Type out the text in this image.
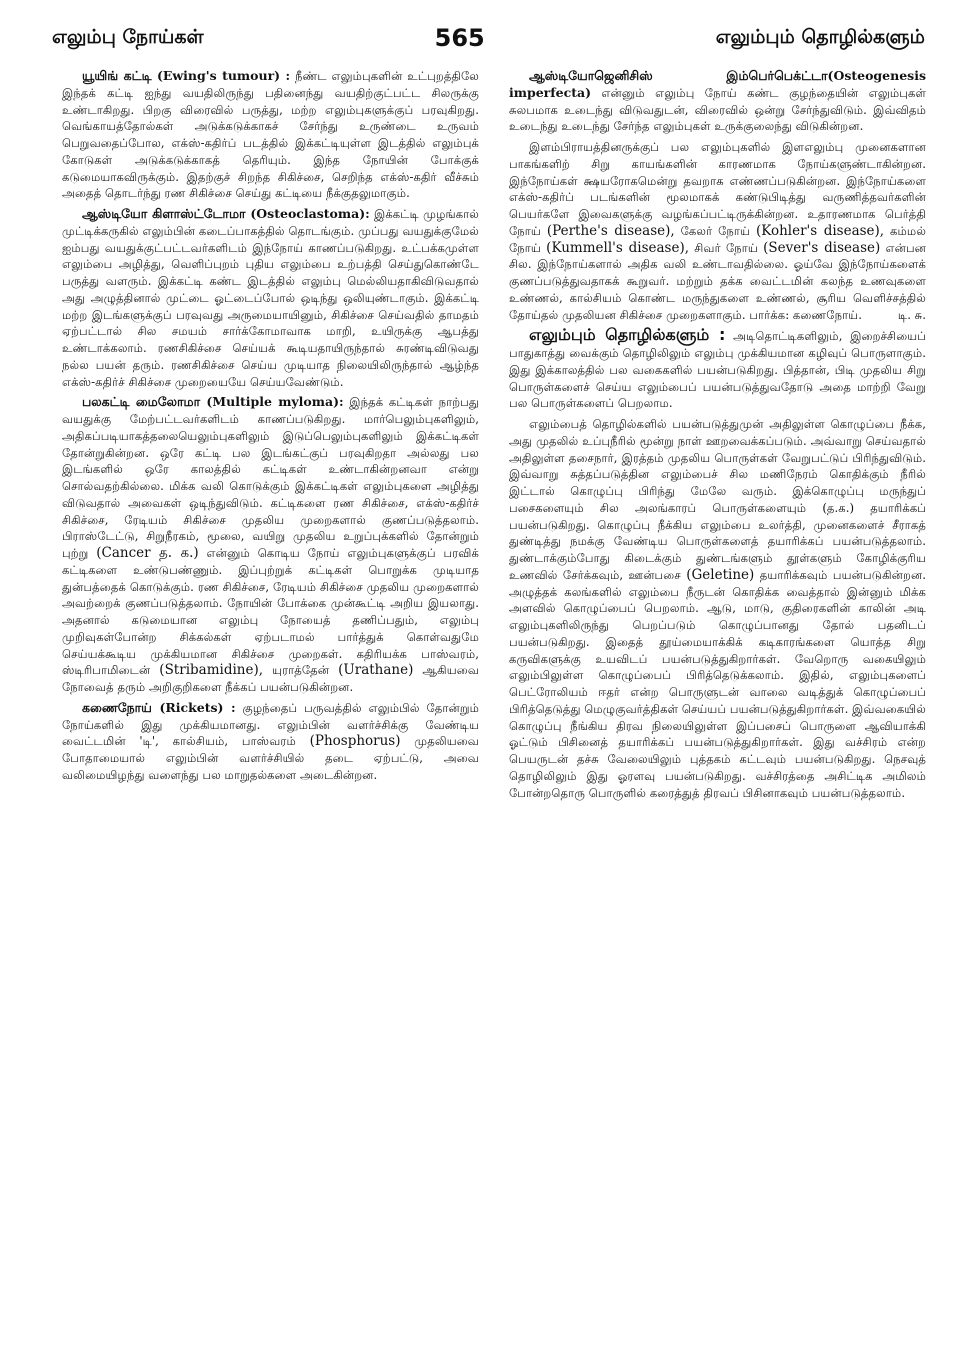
எலும்பு நோய்கள்	565	எலும்பும் தொழில்களும்

யூயிங் கட்டி (Ewing's tumour) : நீண்ட எலும்புகளின் உட்புறத்திலே இந்தக் கட்டி ஐந்து வயதிலிருந்து பதினைந்து வயதிற்குட்பட்ட சிலருக்கு உண்டாகிறது. பிறகு விரைவில் பருத்து, மற்ற எலும்புகளுக்குப் பரவுகிறது. வெங்காயத்தோல்கள் அடுக்கடுக்காகச் சேர்ந்து உருண்டை உருவம் பெறுவதைப்போல, எக்ஸ்-கதிர்ப் படத்தில் இக்கட்டியுள்ள இடத்தில் எலும்புக் கோடுகள் அடுக்கடுக்காகத் தெரியும். இந்த நோயின் போக்குக் கடுமையாகவிருக்கும். இதற்குச் சிறந்த சிகிச்சை, செறிந்த எக்ஸ்-கதிர் வீச்சும் அதைத் தொடர்ந்து ரண சிகிச்சை செய்து கட்டியை நீக்குதலுமாகும்.

ஆஸ்டியோ கிளாஸ்ட்டோமா (Osteoclastoma): இக்கட்டி முழங்கால் முட்டிக்கருகில் எலும்பின் கடைப்பாகத்தில் தொடங்கும். முப்பது வயதுக்குமேல் ஐம்பது வயதுக்குட்பட்டவர்களிடம் இந்நோய் காணப்படுகிறது. உட்பக்கமுள்ள எலும்பை அழித்து, வெளிப்புறம் புதிய எலும்பை உற்பத்தி செய்துகொண்டே பருத்து வளரும். இக்கட்டி கண்ட இடத்தில் எலும்பு மெல்லியதாகிவிடுவதால் அது அழுத்தினால் முட்டை ஓட்டைப்போல் ஒடிந்து ஒலியுண்டாகும். இக்கட்டி மற்ற இடங்களுக்குப் பரவுவது அருமையாயினும், சிகிச்சை செய்வதில் தாமதம் ஏற்பட்டால் சில சமயம் சார்க்கோமாவாக மாறி, உயிருக்கு ஆபத்து உண்டாக்கலாம். ரணசிகிச்சை செய்யக் கூடியதாயிருந்தால் சுரண்டிவிடுவது நல்ல பயன் தரும். ரணசிகிச்சை செய்ய முடியாத நிலையிலிருந்தால் ஆழ்ந்த எக்ஸ்-கதிர்ச் சிகிச்சை முறையையே செய்யவேண்டும்.

பலகட்டி மைலோமா (Multiple myloma): இந்தக் கட்டிகள் நாற்பது வயதுக்கு மேற்பட்டவர்களிடம் காணப்படுகிறது. மார்பெலும்புகளிலும், அதிகப்படியாகத்தலையெலும்புகளிலும் இடுப்பெலும்புகளிலும் இக்கட்டிகள் தோன்றுகின்றன. ஒரே கட்டி பல இடங்கட்குப் பரவுகிறதா அல்லது பல இடங்களில் ஒரே காலத்தில் கட்டிகள் உண்டாகின்றனவா என்று சொல்வதற்கில்லை. மிக்க வலி கொடுக்கும் இக்கட்டிகள் எலும்புகளை அழித்து விடுவதால் அவைகள் ஒடிந்துவிடும். கட்டிகளை ரண சிகிச்சை, எக்ஸ்-கதிர்ச் சிகிச்சை, ரேடியம் சிகிச்சை முதலிய முறைகளால் குணப்படுத்தலாம். பிராஸ்டேட்டு, சிறுநீரகம், மூலை, வயிறு முதலிய உறுப்புக்களில் தோன்றும் புற்று (Cancer த. க.) என்னும் கொடிய நோய் எலும்புகளுக்குப் பரவிக் கட்டிகளை உண்டுபண்ணும். இப்புற்றுக் கட்டிகள் பொறுக்க முடியாத துன்பத்தைக் கொடுக்கும். ரண சிகிச்சை, ரேடியம் சிகிச்சை முதலிய முறைகளால் அவற்றைக் குணப்படுத்தலாம். நோயின் போக்கை முன்கூட்டி அறிய இயலாது. அதனால் கடுமையான எலும்பு நோயைத் தணிப்பதும், எலும்பு முறிவுகள்போன்ற சிக்கல்கள் ஏற்படாமல் பார்த்துக் கொள்வதுமே செய்யக்கூடிய முக்கியமான சிகிச்சை முறைகள். கதிரியக்க பாஸ்வரம், ஸ்டிரிபாமிடைன் (Stribamidine), யுராத்தேன் (Urathane) ஆகியவை நோவைத் தரும் அறிகுறிகளை நீக்கப் பயன்படுகின்றன.

கணைநோய் (Rickets) : குழந்தைப் பருவத்தில் எலும்பில் தோன்றும் நோய்களில் இது முக்கியமானது. எலும்பின் வளர்ச்சிக்கு வேண்டிய வைட்டமின் 'டி', கால்சியம், பாஸ்வரம் (Phosphorus) முதலியவை போதாமையால் எலும்பின் வளர்ச்சியில் தடை ஏற்பட்டு, அவை வலிமையிழந்து வளைந்து பல மாறுதல்களை அடைகின்றன.

ஆஸ்டியோஜெனிசிஸ் இம்பெர்பெக்ட்டா(Osteogenesis imperfecta) என்னும் எலும்பு நோய் கண்ட குழந்தையின் எலும்புகள் சுலபமாக உடைந்து விடுவதுடன், விரைவில் ஒன்று சேர்ந்துவிடும். இவ்விதம் உடைந்து உடைந்து சேர்ந்த எலும்புகள் உருக்குலைந்து விடுகின்றன.

இளம்பிராயத்தினருக்குப் பல எலும்புகளில் இளஎலும்பு முனைகளான பாகங்களிற் சிறு காயங்களின் காரணமாக நோய்களுண்டாகின்றன. இந்நோய்கள் க்ஷயரோகமென்று தவறாக எண்ணப்படுகின்றன. இந்நோய்களை எக்ஸ்-கதிர்ப் படங்களின் மூலமாகக் கண்டுபிடித்து வருணித்தவர்களின் பெயர்களே இவைகளுக்கு வழங்கப்பட்டிருக்கின்றன. உதாரணமாக பெர்த்தி நோய் (Perthe's disease), கேலர் நோய் (Kohler's disease), கம்மல் நோய் (Kummell's disease), சிவர் நோய் (Sever's disease) என்பன சில. இந்நோய்களால் அதிக வலி உண்டாவதில்லை. ஓய்வே இந்நோய்களைக் குணப்படுத்துவதாகக் கூறுவர். மற்றும் தக்க வைட்டமின் கலந்த உணவுகளை உண்ணல், கால்சியம் கொண்ட மருந்துகளை உண்ணல், சூரிய வெளிச்சத்தில் தோய்தல் முதலியன சிகிச்சை முறைகளாகும். பார்க்க: கணைநோய்.	டி. சு.

எலும்பும் தொழில்களும் : அடிதொட்டிகளிலும், இறைச்சியைப் பாதுகாத்து வைக்கும் தொழிலிலும் எலும்பு முக்கியமான கழிவுப் பொருளாகும். இது இக்காலத்தில் பல வகைகளில் பயன்படுகிறது. பித்தான், பிடி முதலிய சிறு பொருள்களைச் செய்ய எலும்பைப் பயன்படுத்துவதோடு அதை மாற்றி வேறு பல பொருள்களைப் பெறலாம.

எலும்பைத் தொழில்களில் பயன்படுத்துமுன் அதிலுள்ள கொழுப்பை நீக்க, அது முதலில் உப்புநீரில் மூன்று நாள் ஊறவைக்கப்படும். அவ்வாறு செய்வதால் அதிலுள்ள தசைநார், இரத்தம் முதலிய பொருள்கள் வேறுபட்டுப் பிரிந்துவிடும். இவ்வாறு சுத்தப்படுத்தின எலும்பைச் சில மணிநேரம் கொதிக்கும் நீரில் இட்டால் கொழுப்பு பிரிந்து மேலே வரும். இக்கொழுப்பு மருந்துப் பசைகளையும் சில அலங்காரப் பொருள்களையும் (த.க.) தயாரிக்கப் பயன்படுகிறது. கொழுப்பு நீக்கிய எலும்பை உலர்த்தி, முனைகளைச் சீராகத் துண்டித்து நமக்கு வேண்டிய பொருள்களைத் தயாரிக்கப் பயன்படுத்தலாம். துண்டாக்கும்போது கிடைக்கும் துண்டங்களும் தூள்களும் கோழிக்குரிய உணவில் சேர்க்கவும், ஊன்பசை (Geletine) தயாரிக்கவும் பயன்படுகின்றன. அழுத்தக் கலங்களில் எலும்பை நீருடன் கொதிக்க வைத்தால் இன்னும் மிக்க அளவில் கொழுப்பைப் பெறலாம். ஆடு, மாடு, குதிரைகளின் காலின் அடி எலும்புகளிலிருந்து பெறப்படும் கொழுப்பானது தோல் பதனிடப் பயன்படுகிறது. இதைத் தூய்மையாக்கிக் கடிகாரங்களை யொத்த சிறு கருவிகளுக்கு உயவிடப் பயன்படுத்துகிறார்கள். வேறொரு வகையிலும் எலும்பிலுள்ள கொழுப்பைப் பிரித்தெடுக்கலாம். இதில், எலும்புகளைப் பெட்ரோலியம் ஈதர் என்ற பொருளுடன் வாலை வடித்துக் கொழுப்பைப் பிரித்தெடுத்து மெழுகுவர்த்திகள் செய்யப் பயன்படுத்துகிறார்கள். இவ்வகையில் கொழுப்பு நீங்கிய திரவ நிலையிலுள்ள இப்பசைப் பொருளை ஆவியாக்கி ஓட்டும் பிசினைத் தயாரிக்கப் பயன்படுத்துகிறார்கள். இது வச்சிரம் என்ற பெயருடன் தச்சு வேலையிலும் புத்தகம் கட்டவும் பயன்படுகிறது. நெசவுத் தொழிலிலும் இது ஓரளவு பயன்படுகிறது. வச்சிரத்தை அசிட்டிக அமிலம் போன்றதொரு பொருளில் கரைத்துத் திரவப் பிசினாகவும் பயன்படுத்தலாம்.
